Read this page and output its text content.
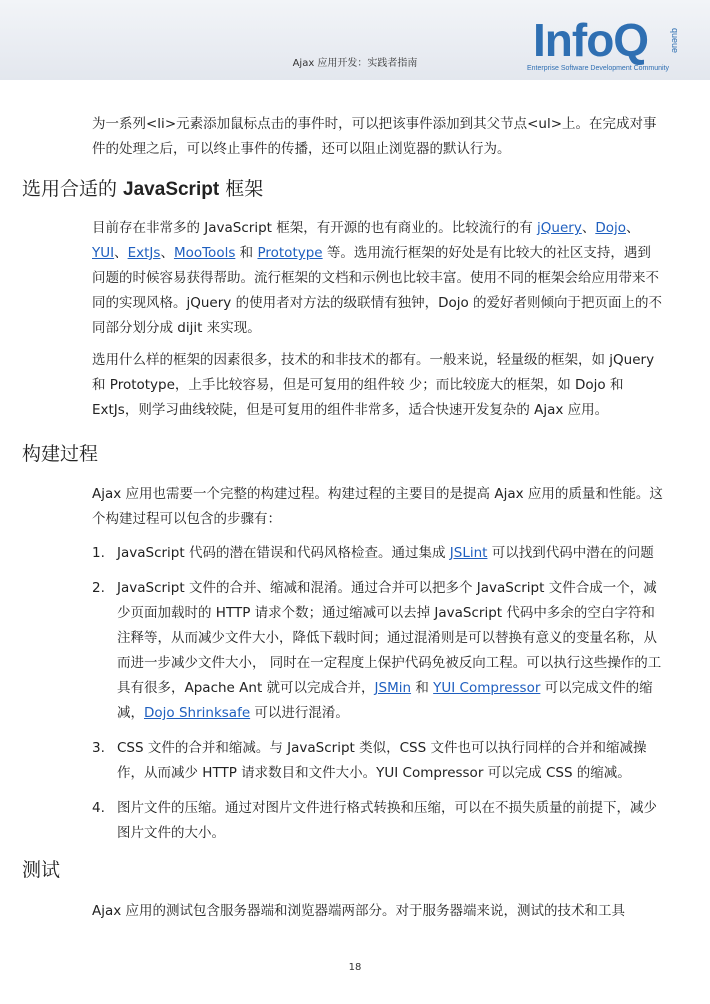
Ajax 应用开发：实践者指南	InfoQ queue
Enterprise Software Development Community

为一系列<li>元素添加鼠标点击的事件时，可以把该事件添加到其父节点<ul>上。在完成对事件的处理之后，可以终止事件的传播，还可以阻止浏览器的默认行为。

选用合适的 JavaScript 框架

目前存在非常多的 JavaScript 框架，有开源的也有商业的。比较流行的有 jQuery、Dojo、YUI、ExtJs、MooTools 和 Prototype 等。选用流行框架的好处是有比较大的社区支持，遇到问题的时候容易获得帮助。流行框架的文档和示例也比较丰富。使用不同的框架会给应用带来不同的实现风格。jQuery 的使用者对方法的级联情有独钟，Dojo 的爱好者则倾向于把页面上的不同部分划分成 dijit 来实现。

选用什么样的框架的因素很多，技术的和非技术的都有。一般来说，轻量级的框架，如 jQuery 和 Prototype，上手比较容易，但是可复用的组件较 少；而比较庞大的框架，如 Dojo 和 ExtJs，则学习曲线较陡，但是可复用的组件非常多，适合快速开发复杂的 Ajax 应用。

构建过程

Ajax 应用也需要一个完整的构建过程。构建过程的主要目的是提高 Ajax 应用的质量和性能。这个构建过程可以包含的步骤有：

1. JavaScript 代码的潜在错误和代码风格检查。通过集成 JSLint 可以找到代码中潜在的问题

2. JavaScript 文件的合并、缩减和混淆。通过合并可以把多个 JavaScript 文件合成一个，减少页面加载时的 HTTP 请求个数；通过缩减可以去掉 JavaScript 代码中多余的空白字符和注释等，从而减少文件大小，降低下载时间；通过混淆则是可以替换有意义的变量名称，从而进一步减少文件大小， 同时在一定程度上保护代码免被反向工程。可以执行这些操作的工具有很多，Apache Ant 就可以完成合并，JSMin 和 YUI Compressor 可以完成文件的缩减，Dojo Shrinksafe 可以进行混淆。

3. CSS 文件的合并和缩减。与 JavaScript 类似，CSS 文件也可以执行同样的合并和缩减操作，从而减少 HTTP 请求数目和文件大小。YUI Compressor 可以完成 CSS 的缩减。

4. 图片文件的压缩。通过对图片文件进行格式转换和压缩，可以在不损失质量的前提下，减少图片文件的大小。

测试

Ajax 应用的测试包含服务器端和浏览器端两部分。对于服务器端来说，测试的技术和工具

18
